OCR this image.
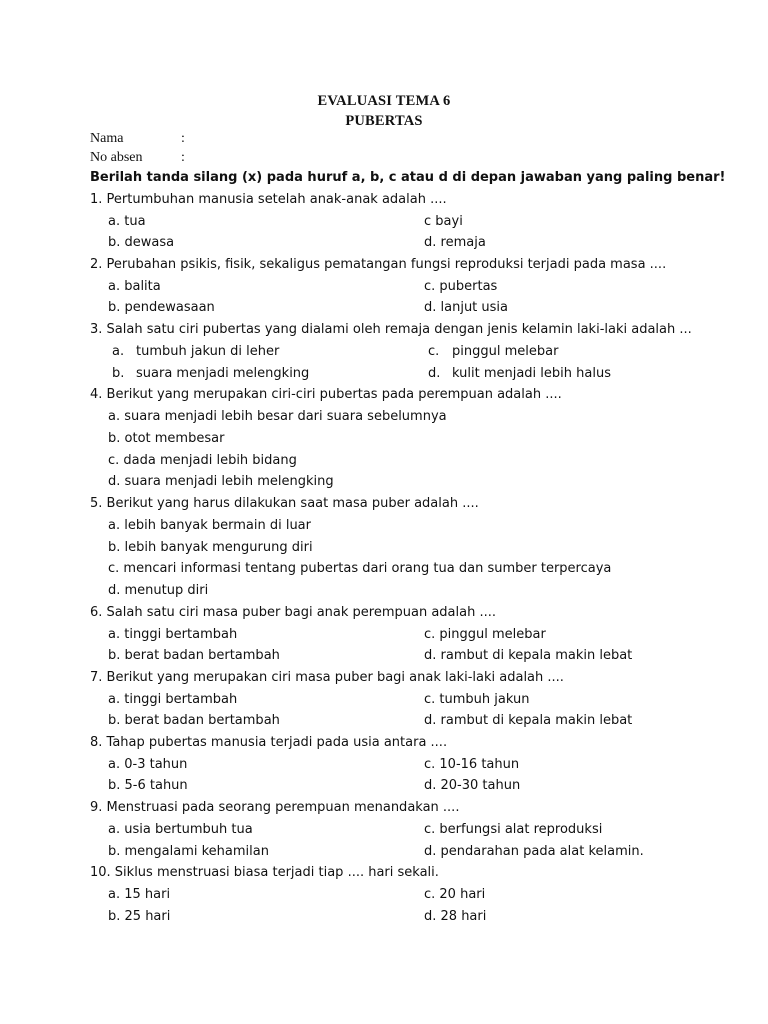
EVALUASI TEMA 6
PUBERTAS
Nama	:
No absen	:
Berilah tanda silang (x) pada huruf a, b, c atau d di depan jawaban yang paling benar!
1. Pertumbuhan manusia setelah anak-anak adalah ....
a. tua	c bayi
b. dewasa	d. remaja
2. Perubahan psikis, fisik, sekaligus pematangan fungsi reproduksi terjadi pada masa ....
a. balita	c. pubertas
b. pendewasaan	d. lanjut usia
3. Salah satu ciri pubertas yang dialami oleh remaja dengan jenis kelamin laki-laki adalah ...
a. tumbuh jakun di leher	c. pinggul melebar
b. suara menjadi melengking	d. kulit menjadi lebih halus
4. Berikut yang merupakan ciri-ciri pubertas pada perempuan adalah ....
a. suara menjadi lebih besar dari suara sebelumnya
b. otot membesar
c. dada menjadi lebih bidang
d. suara menjadi lebih melengking
5. Berikut yang harus dilakukan saat masa puber adalah ....
a. lebih banyak bermain di luar
b. lebih banyak mengurung diri
c. mencari informasi tentang pubertas dari orang tua dan sumber terpercaya
d. menutup diri
6. Salah satu ciri masa puber bagi anak perempuan adalah ....
a. tinggi bertambah	c. pinggul melebar
b. berat badan bertambah	d. rambut di kepala makin lebat
7. Berikut yang merupakan ciri masa puber bagi anak laki-laki adalah ....
a. tinggi bertambah	c. tumbuh jakun
b. berat badan bertambah	d. rambut di kepala makin lebat
8. Tahap pubertas manusia terjadi pada usia antara ....
a. 0-3 tahun	c. 10-16 tahun
b. 5-6 tahun	d. 20-30 tahun
9. Menstruasi pada seorang perempuan menandakan ....
a. usia bertumbuh tua	c. berfungsi alat reproduksi
b. mengalami kehamilan	d. pendarahan pada alat kelamin.
10. Siklus menstruasi biasa terjadi tiap .... hari sekali.
a. 15 hari	c. 20 hari
b. 25 hari	d. 28 hari
